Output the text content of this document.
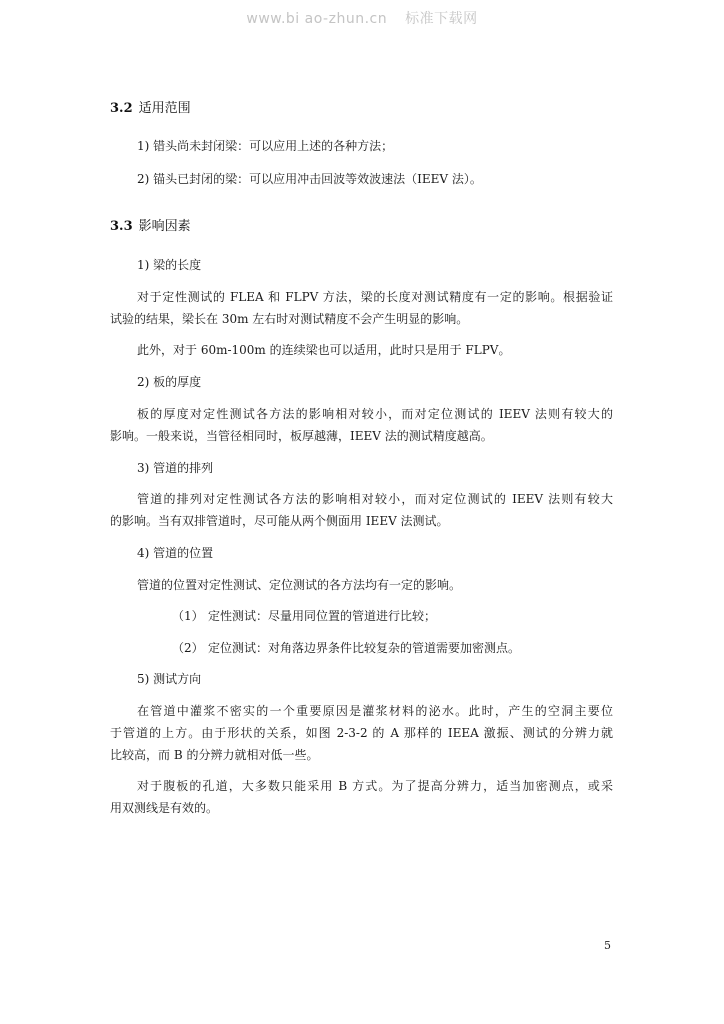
www.bi ao-zhun.cn 标准下载网
3.2 适用范围
1) 错头尚未封闭梁：可以应用上述的各种方法；
2) 锚头已封闭的梁：可以应用冲击回波等效波速法（IEEV 法）。
3.3 影响因素
1) 梁的长度
对于定性测试的 FLEA 和 FLPV 方法，梁的长度对测试精度有一定的影响。根据验证
试验的结果，梁长在 30m 左右时对测试精度不会产生明显的影响。
此外，对于 60m-100m 的连续梁也可以适用，此时只是用于 FLPV。
2) 板的厚度
板的厚度对定性测试各方法的影响相对较小，而对定位测试的 IEEV 法则有较大的
影响。一般来说，当管径相同时，板厚越薄，IEEV 法的测试精度越高。
3) 管道的排列
管道的排列对定性测试各方法的影响相对较小，而对定位测试的 IEEV 法则有较大
的影响。当有双排管道时，尽可能从两个侧面用 IEEV 法测试。
4) 管道的位置
管道的位置对定性测试、定位测试的各方法均有一定的影响。
（1） 定性测试：尽量用同位置的管道进行比较；
（2） 定位测试：对角落边界条件比较复杂的管道需要加密测点。
5) 测试方向
在管道中灌浆不密实的一个重要原因是灌浆材料的泌水。此时，产生的空洞主要位
于管道的上方。由于形状的关系，如图 2-3-2 的 A 那样的 IEEA 激振、测试的分辨力就
比较高，而 B 的分辨力就相对低一些。
对于腹板的孔道，大多数只能采用 B 方式。为了提高分辨力，适当加密测点，或采
用双测线是有效的。
5
